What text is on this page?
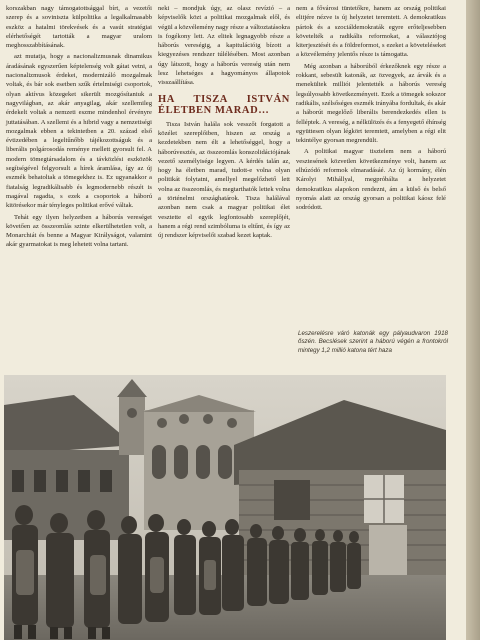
korszakban nagy támogatottsággal bírt, a vezetői szerep és a soviniszta külpolitika a legalkalmasabb eszköz a hatalmi törekvések és a vasút stratégiai elérhetőségét tartották a magyar uralom meghosszabbításának.

azt mutatja, hogy a nacionalizmusnak dinamikus áradásának egyszerűen képtelenség volt gátat vetni, a nacionalizmusok érdekei, modernizáló mozgalmak voltak, és bár sok esetben szűk értelmiségi csoportok, olyan aktívus közegeket sikerült mozgósítaniuk a nagyvilágban, az akár anyagilag, akár szellemileg érdekelt voltak a nemzeti eszme mindenhol érvényre juttatásában. A szellemi és a hibrid vagy a nemzetiségi mozgalmak ebben a tekintetben a 20. század első évtizedében a legeltűnőbb tájékozottságuk és a liberális polgárosodás reménye mellett gyorsult fel. A modern tömegtársadalom és a távközlési eszközök segítségével felgyorsult a hírek áramlása, így az új eszmék behatoltak a tömegekhez is. Ez ugyanakkor a fiatalság legradikálisabb és legmodernebb részét is magával ragadta, s ezek a csoportok a háború kitörésekor már tényleges politikai erővé váltak.

Tehát egy ilyen helyzetben a háborús vereséget követően az összeomlás szinte elkerülhetetlen volt, a Monarchiát és benne a Magyar Királyságot, valamint akár gyarmatokat is meg lehetett volna tartani.

neki – mondjuk úgy, az olasz revízió – a képviselők közt a politikai mozgalmak elől, és végül a közvélemény nagy része a változtatásokra is fogékony lett. Az elitek legnagyobb része a háborús vereségig, a kapitulációig bízott a kiegyezéses rendszer túlélésében. Most azonban úgy látszott, hogy a háborús vereség után nem lesz lehetséges a hagyományos állapotok visszaállítása.

HA TISZA ISTVÁN ÉLETBEN MARAD…

Tisza István halála sok vesszőt forgatott a közélet szereplőiben, hiszen az ország a kezdetekben nem élt a lehetőséggel, hogy a háborúvesztés, az összeomlás konszolidációjának vezető személyisége legyen. A kérdés talán az, hogy ha életben marad, tudott-e volna olyan politikát folytatni, amellyel megelőzhető lett volna az összeomlás, és megtarthatók lettek volna a történelmi országhatárok. Tisza halálával azonban nem csak a magyar politikai élet vesztette el egyik legfontosabb szereplőjét, hanem a régi rend szimbóluma is eltűnt, és így az új rendszer képviselői szabad kezet kaptak.

nem a fővárosi tüntetőkre, hanem az ország politikai elitjére nézve is új helyzetet teremtett. A demokratikus pártok és a szociáldemokraták egyre erőteljesebben követelték a radikális reformokat, a választójog kiterjesztését és a földreformot, s ezeket a követeléseket a közvélemény jelentős része is támogatta.

Még azonban a háborúból érkezőknek egy része a rokkant, sebesült katonák, az özvegyek, az árvák és a menekültek milliói jelentették a háborús vereség legsúlyosabb következményeit. Ezek a tömegek sokszor radikális, szélsőséges eszmék irányába fordultak, és akár a háborút megelőző liberális berendezkedés ellen is felléptek. A vereség, a nélkülözés és a fenyegető éhínség együttesen olyan légkört teremtett, amelyben a régi elit tekintélye gyorsan megrendült.

A politikai magyar tisztelem nem a háború vesztesének közvetlen következménye volt, hanem az elhúzódó reformok elmaradásáé. Az új kormány, élén Károlyi Mihállyal, megpróbálta a helyzetet demokratikus alapokon rendezni, ám a külső és belső nyomás alatt az ország gyorsan a politikai káosz felé sodródott.

Leszerelésre váró katonák egy pályaudvaron 1918 őszén. Becslések szerint a háború végén a frontokról mintegy 1,2 millió katona tért haza
